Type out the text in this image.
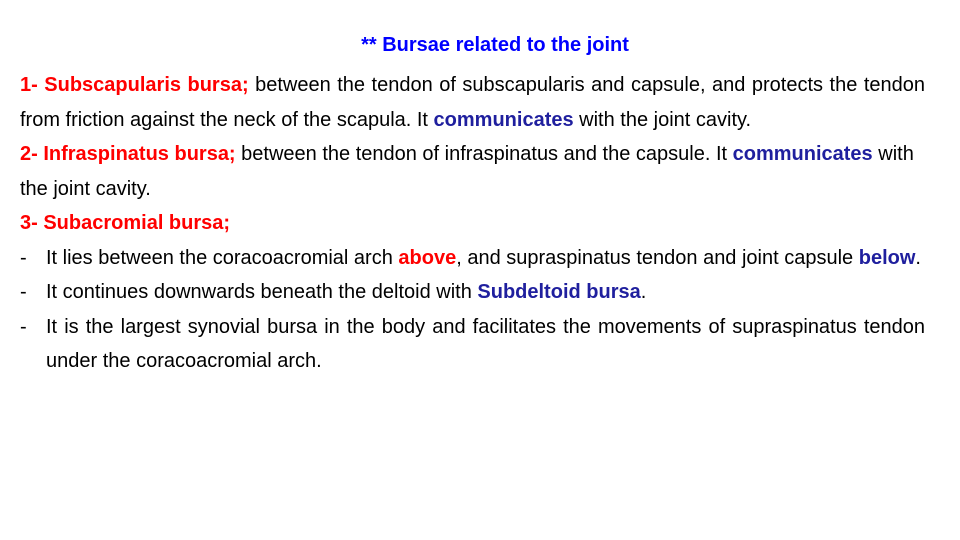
** Bursae related to the joint

1- Subscapularis bursa; between the tendon of subscapularis and capsule, and protects the tendon from friction against the neck of the scapula. It communicates with the joint cavity.

2- Infraspinatus bursa; between the tendon of infraspinatus and the capsule. It communicates with the joint cavity.

3- Subacromial bursa;

- It lies between the coracoacromial arch above, and supraspinatus tendon and joint capsule below.

- It continues downwards beneath the deltoid with Subdeltoid bursa.

- It is the largest synovial bursa in the body and facilitates the movements of supraspinatus tendon under the coracoacromial arch.
